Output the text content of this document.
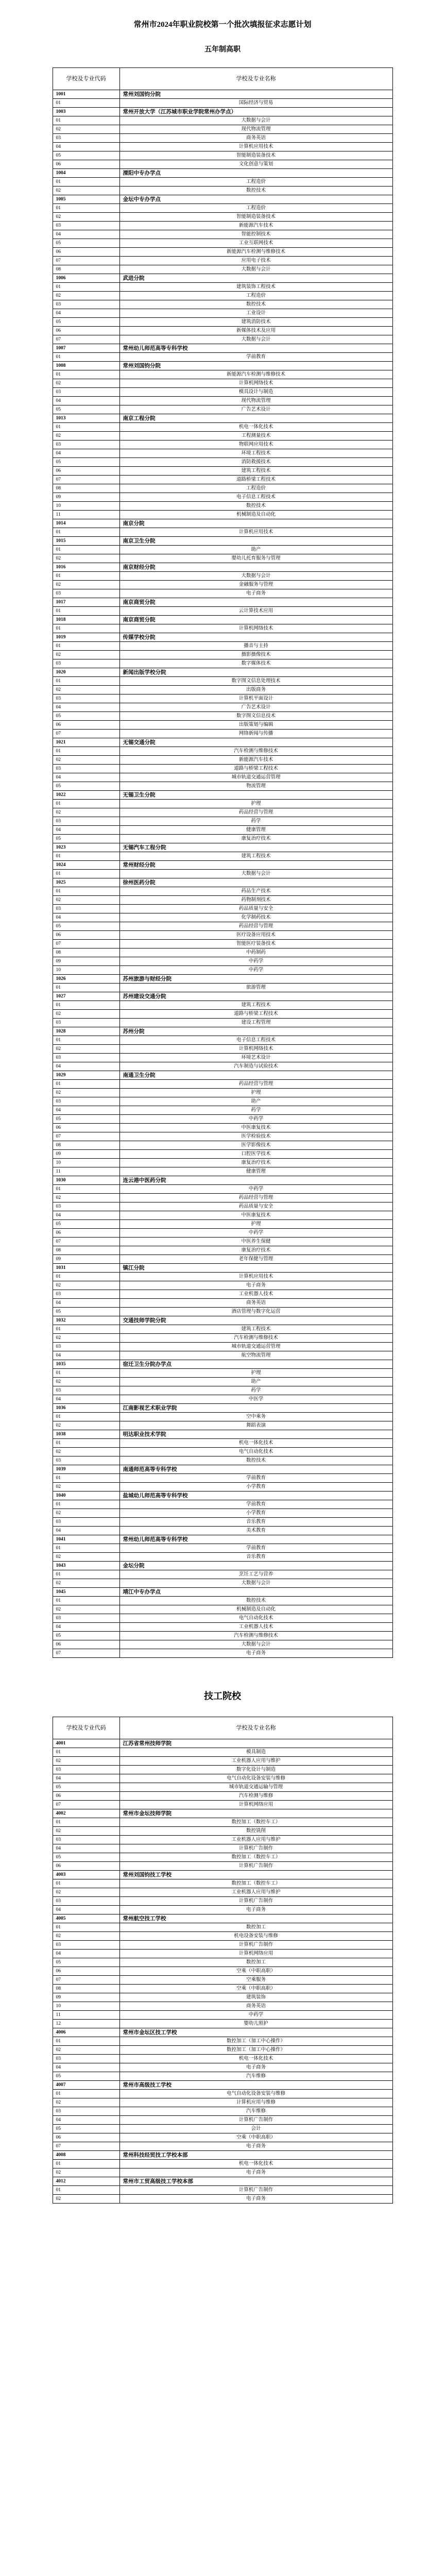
常州市2024年职业院校第一个批次填报征求志愿计划
五年制高职
学校及专业代码	学校及专业名称
1001	常州刘国钧分院
01	国际经济与贸易
1003	常州开放大学（江苏城市职业学院常州办学点）
01	大数据与会计
02	现代物流管理
03	商务英语
04	计算机应用技术
05	智能制造装备技术
06	文化创意与策划
1004	溧阳中专办学点
01	工程造价
02	数控技术
1005	金坛中专办学点
01	工程造价
02	智能制造装备技术
03	新能源汽车技术
04	智能控制技术
05	工业互联网技术
06	新能源汽车检测与维修技术
07	应用电子技术
08	大数据与会计
1006	武进分院
01	建筑装饰工程技术
02	工程造价
03	数控技术
04	工业设计
05	建筑消防技术
06	新媒体技术及应用
07	大数据与会计
1007	常州幼儿师范高等专科学校
01	学前教育
1008	常州刘国钧分院
01	新能源汽车检测与维修技术
02	计算机网络技术
03	模具设计与制造
04	现代物流管理
05	广告艺术设计
1013	南京工程分院
01	机电一体化技术
02	工程测量技术
03	物联网应用技术
04	环境工程技术
05	消防救援技术
06	建筑工程技术
07	道路桥梁工程技术
08	工程造价
09	电子信息工程技术
10	数控技术
11	机械制造及自动化
1014	南京分院
01	计算机应用技术
1015	南京卫生分院
01	助产
02	婴幼儿托育服务与管理
1016	南京财经分院
01	大数据与会计
02	金融服务与管理
03	电子商务
1017	南京商贸分院
01	云计算技术应用
1018	南京商贸分院
01	计算机网络技术
1019	传媒学校分院
01	播音与主持
02	摄影摄像技术
03	数字媒体技术
1020	新闻出版学校分院
01	数字图文信息处理技术
02	出版商务
03	计算机平面设计
04	广告艺术设计
05	数字图文信息技术
06	出版策划与编辑
07	网络新闻与传播
1021	无锡交通分院
01	汽车检测与维修技术
02	新能源汽车技术
03	道路与桥梁工程技术
04	城市轨道交通运营管理
05	物流管理
1022	无锡卫生分院
01	护理
02	药品经营与管理
03	药学
04	健康管理
05	康复治疗技术
1023	无锡汽车工程分院
01	建筑工程技术
1024	常州财经分院
01	大数据与会计
1025	徐州医药分院
01	药品生产技术
02	药物制剂技术
03	药品质量与安全
04	化学制药技术
05	药品经营与管理
06	医疗设备应用技术
07	智能医疗装备技术
08	中药制药
09	中药学
10	中药学
1026	苏州旅游与财经分院
01	旅游管理
1027	苏州建设交通分院
01	建筑工程技术
02	道路与桥梁工程技术
03	建设工程管理
1028	苏州分院
01	电子信息工程技术
02	计算机网络技术
03	环境艺术设计
04	汽车制造与试验技术
1029	南通卫生分院
01	药品经营与管理
02	护理
03	助产
04	药学
05	中药学
06	中医康复技术
07	医学检验技术
08	医学影像技术
09	口腔医学技术
10	康复治疗技术
11	健康管理
1030	连云港中医药分院
01	中药学
02	药品经营与管理
03	药品质量与安全
04	中医康复技术
05	护理
06	中药学
07	中医养生保健
08	康复治疗技术
09	老年保健与管理
1031	镇江分院
01	计算机应用技术
02	电子商务
03	工业机器人技术
04	商务英语
05	酒店管理与数字化运营
1032	交通技师学院分院
01	建筑工程技术
02	汽车检测与维修技术
03	城市轨道交通运营管理
04	航空物流管理
1035	宿迁卫生分院办学点
01	护理
02	助产
03	药学
04	中医学
1036	江南影视艺术职业学院
01	空中乘务
02	舞蹈表演
1038	明达职业技术学院
01	机电一体化技术
02	电气自动化技术
03	数控技术
1039	南通师范高等专科学校
01	学前教育
02	小学教育
1040	盐城幼儿师范高等专科学校
01	学前教育
02	小学教育
03	音乐教育
04	美术教育
1041	常州幼儿师范高等专科学校
01	学前教育
02	音乐教育
1043	金坛分院
01	烹饪工艺与营养
02	大数据与会计
1045	靖江中专办学点
01	数控技术
02	机械制造及自动化
03	电气自动化技术
04	工业机器人技术
05	汽车检测与维修技术
06	大数据与会计
07	电子商务
技工院校
学校及专业代码	学校及专业名称
4001	江苏省常州技师学院
01	模具制造
02	工业机器人应用与维护
03	数字化设计与制造
04	电气自动化设备安装与维修
05	城市轨道交通运输与管理
06	汽车检测与维修
07	计算机网络应用
4002	常州市金坛技师学院
01	数控加工（数控车工）
02	数控铣削
03	工业机器人应用与维护
04	计算机广告制作
05	数控加工（数控车工）
06	计算机广告制作
4003	常州刘国钧技工学校
01	数控加工（数控车工）
02	工业机器人应用与维护
03	计算机广告制作
04	电子商务
4005	常州航空技工学校
01	数控加工
02	机电设备安装与维修
03	计算机广告制作
04	计算机网络应用
05	数控加工
06	空乘（中职高职）
07	空乘服务
08	空乘（中职高职）
09	建筑装饰
10	商务英语
11	中药学
12	婴幼儿照护
4006	常州市金坛区技工学校
01	数控加工（加工中心操作）
02	数控加工（加工中心操作）
03	机电一体化技术
04	电子商务
05	汽车维修
4007	常州市高级技工学校
01	电气自动化设备安装与维修
02	计算机应用与维修
03	汽车维修
04	计算机广告制作
05	会计
06	空乘（中职高职）
07	电子商务
4008	常州科技经贸技工学校本部
01	机电一体化技术
02	电子商务
4012	常州市工贸高级技工学校本部
01	计算机广告制作
02	电子商务
